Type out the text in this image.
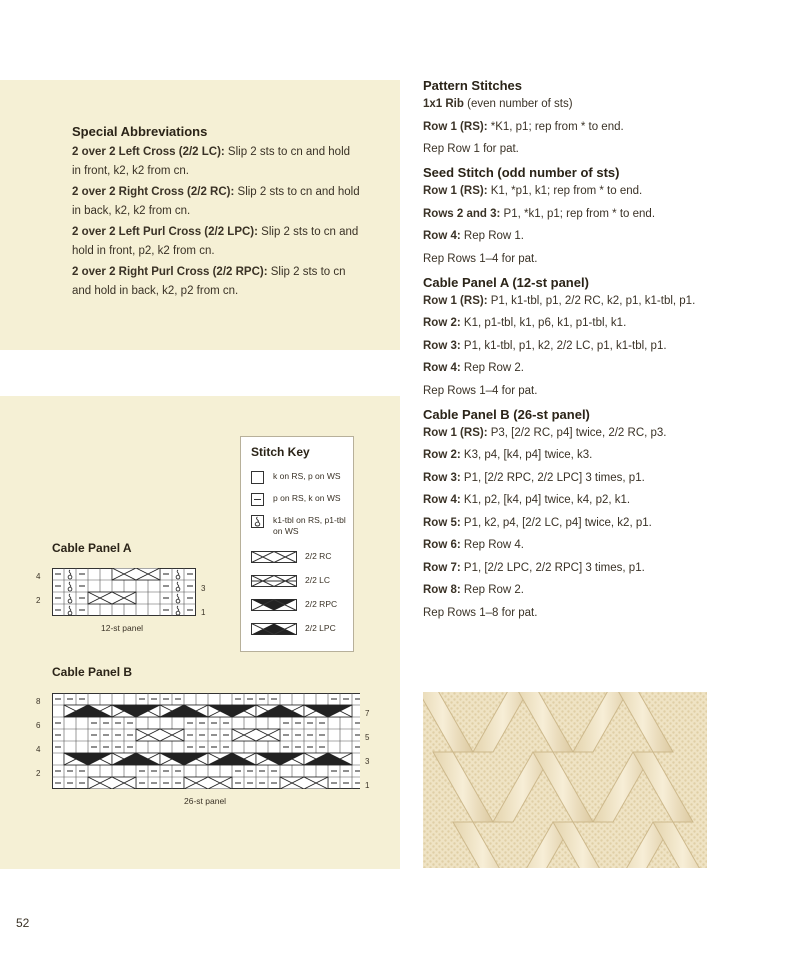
Special Abbreviations
2 over 2 Left Cross (2/2 LC): Slip 2 sts to cn and hold in front, k2, k2 from cn.
2 over 2 Right Cross (2/2 RC): Slip 2 sts to cn and hold in back, k2, k2 from cn.
2 over 2 Left Purl Cross (2/2 LPC): Slip 2 sts to cn and hold in front, p2, k2 from cn.
2 over 2 Right Purl Cross (2/2 RPC): Slip 2 sts to cn and hold in back, k2, p2 from cn.
Pattern Stitches
1x1 Rib (even number of sts)
Row 1 (RS): *K1, p1; rep from * to end.
Rep Row 1 for pat.
Seed Stitch (odd number of sts)
Row 1 (RS): K1, *p1, k1; rep from * to end.
Rows 2 and 3: P1, *k1, p1; rep from * to end.
Row 4: Rep Row 1.
Rep Rows 1–4 for pat.
Cable Panel A (12-st panel)
Row 1 (RS): P1, k1-tbl, p1, 2/2 RC, k2, p1, k1-tbl, p1.
Row 2: K1, p1-tbl, k1, p6, k1, p1-tbl, k1.
Row 3: P1, k1-tbl, p1, k2, 2/2 LC, p1, k1-tbl, p1.
Row 4: Rep Row 2.
Rep Rows 1–4 for pat.
Cable Panel B (26-st panel)
Row 1 (RS): P3, [2/2 RC, p4] twice, 2/2 RC, p3.
Row 2: K3, p4, [k4, p4] twice, k3.
Row 3: P1, [2/2 RPC, 2/2 LPC] 3 times, p1.
Row 4: K1, p2, [k4, p4] twice, k4, p2, k1.
Row 5: P1, k2, p4, [2/2 LC, p4] twice, k2, p1.
Row 6: Rep Row 4.
Row 7: P1, [2/2 LPC, 2/2 RPC] 3 times, p1.
Row 8: Rep Row 2.
Rep Rows 1–8 for pat.
Stitch Key
k on RS, p on WS
p on RS, k on WS
k1-tbl on RS, p1-tbl on WS
2/2 RC
2/2 LC
2/2 RPC
2/2 LPC
Cable Panel A
4
2
3
1
12-st panel
Cable Panel B
8
6
4
2
7
5
3
1
26-st panel
52
